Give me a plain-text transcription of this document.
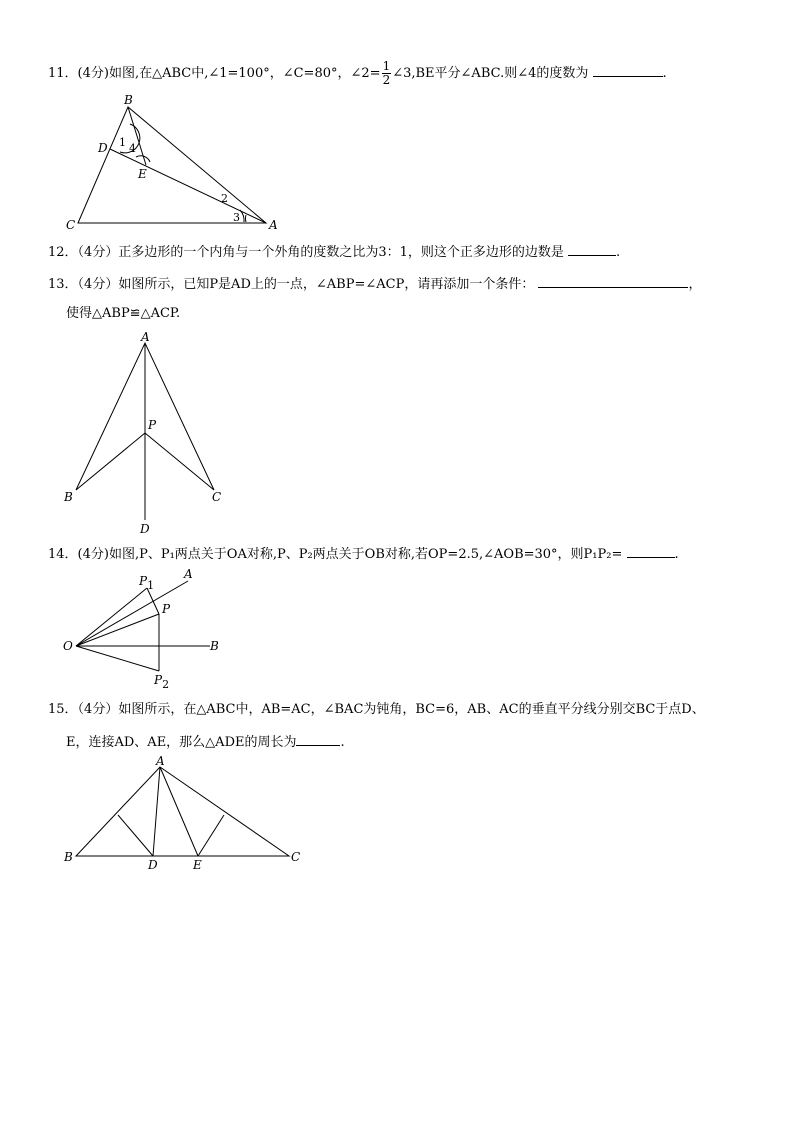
11．(4分)如图,在△ABC中,∠1=100°，∠C=80°，∠2= $\frac{1}{2}$ ∠3,BE平分∠ABC.则∠4的度数为	.
B
D
E
C	A
1 4
2
3
12．（4分）正多边形的一个内角与一个外角的度数之比为3：1，则这个正多边形的边数是	.
13．（4分）如图所示，已知P是AD上的一点，∠ABP=∠ACP，请再添加一个条件：	，
使得△ABP≌△ACP.
A
P
B	C
D
14．(4分)如图,P、P₁两点关于OA对称,P、P₂两点关于OB对称,若OP=2.5,∠AOB=30°，则P₁P₂=	.
O
A
B
P
P1
P2
15．（4分）如图所示，在△ABC中，AB=AC，∠BAC为钝角，BC=6，AB、AC的垂直平分线分别交BC于点D、
E，连接AD、AE，那么△ADE的周长为	.
A
B
D	E
C
